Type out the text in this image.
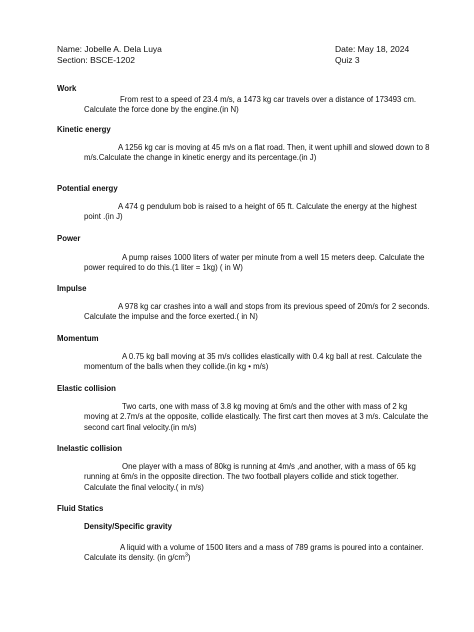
Name: Jobelle A. Dela Luya
Section: BSCE-1202
Date: May 18, 2024
Quiz 3
Work
From rest to a speed of 23.4 m/s, a 1473 kg car travels over a distance of 173493 cm. Calculate the force done by the engine.(in N)
Kinetic energy
A 1256 kg car is moving at 45 m/s on a flat road. Then, it went uphill and slowed down to 8 m/s.Calculate the change in kinetic energy and its percentage.(in J)
Potential energy
A 474 g pendulum bob is raised to a height of 65 ft. Calculate the energy at the highest point .(in J)
Power
A pump raises 1000 liters of water per minute from a well 15 meters deep. Calculate the power required to do this.(1 liter = 1kg) ( in W)
Impulse
A 978 kg car crashes into a wall and stops from its previous speed of 20m/s for 2 seconds. Calculate the impulse and the force exerted.( in N)
Momentum
A 0.75 kg ball moving at 35 m/s collides elastically with 0.4 kg ball at rest. Calculate the momentum of the balls when they collide.(in kg • m/s)
Elastic collision
Two carts, one with mass of 3.8 kg moving at 6m/s and the other with mass of 2 kg moving at 2.7m/s at the opposite, collide elastically. The first cart then moves at 3 m/s. Calculate the second cart final velocity.(in m/s)
Inelastic collision
One player with a mass of 80kg is running at 4m/s ,and another, with a mass of 65 kg running at 6m/s in the opposite direction. The two football players collide and stick together. Calculate the final velocity.( in m/s)
Fluid Statics
Density/Specific gravity
A liquid with a volume of 1500 liters and a mass of 789 grams is poured into a container. Calculate its density. (in $g/cm^3$)
